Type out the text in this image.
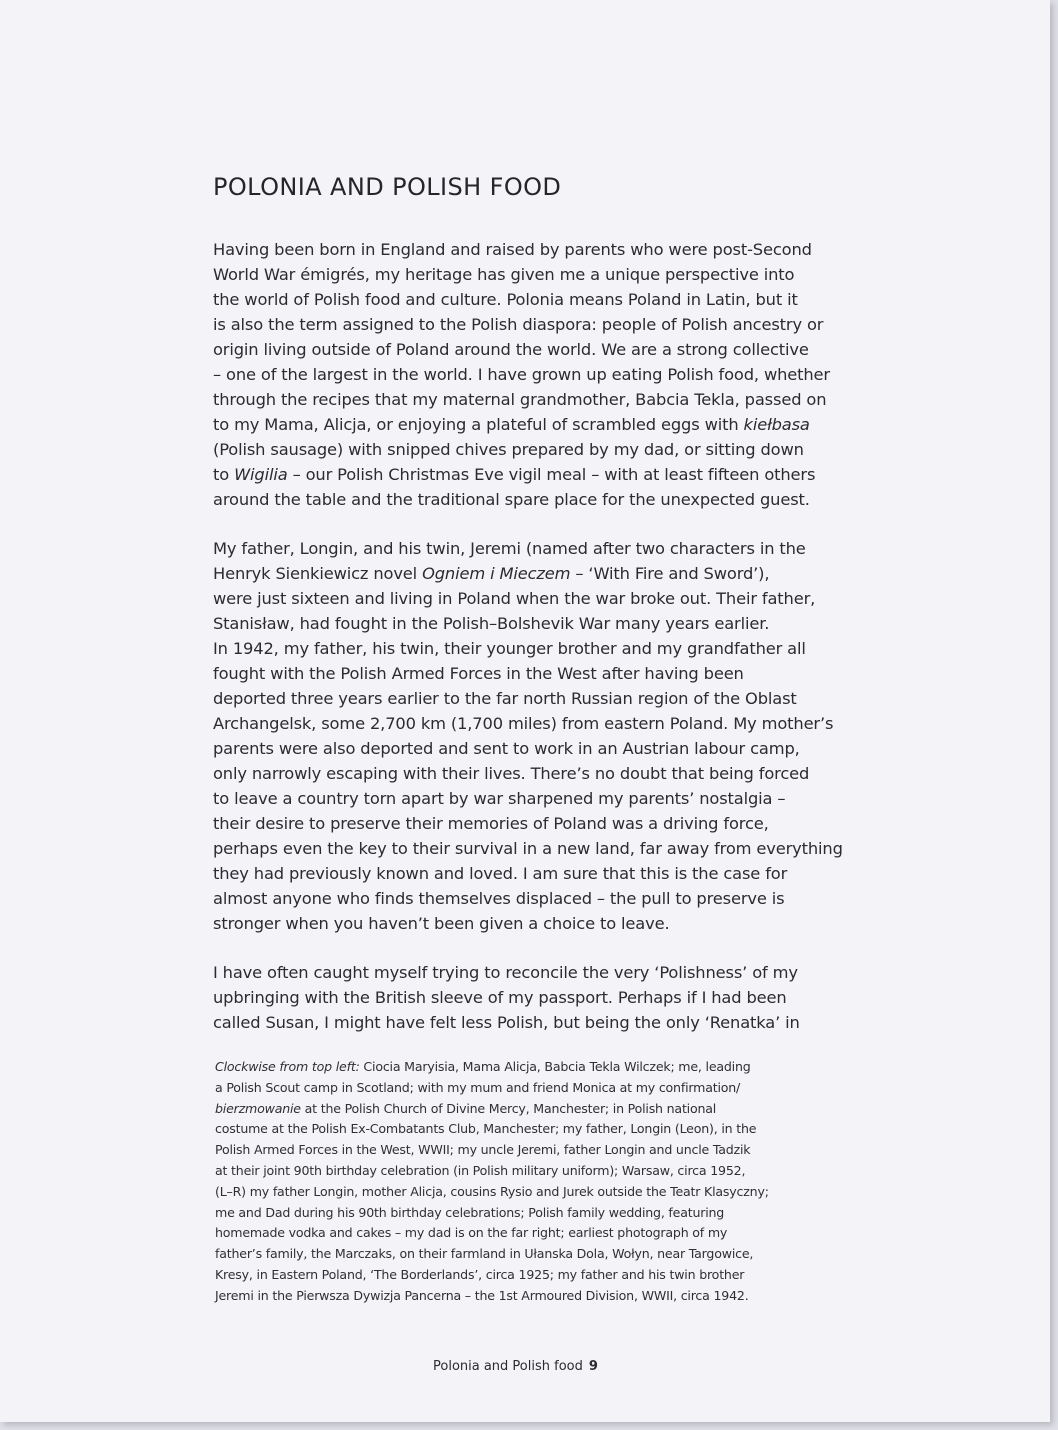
POLONIA AND POLISH FOOD

Having been born in England and raised by parents who were post-Second
World War émigrés, my heritage has given me a unique perspective into
the world of Polish food and culture. Polonia means Poland in Latin, but it
is also the term assigned to the Polish diaspora: people of Polish ancestry or
origin living outside of Poland around the world. We are a strong collective
– one of the largest in the world. I have grown up eating Polish food, whether
through the recipes that my maternal grandmother, Babcia Tekla, passed on
to my Mama, Alicja, or enjoying a plateful of scrambled eggs with kiełbasa
(Polish sausage) with snipped chives prepared by my dad, or sitting down
to Wigilia – our Polish Christmas Eve vigil meal – with at least fifteen others
around the table and the traditional spare place for the unexpected guest.

My father, Longin, and his twin, Jeremi (named after two characters in the
Henryk Sienkiewicz novel Ogniem i Mieczem – ‘With Fire and Sword’),
were just sixteen and living in Poland when the war broke out. Their father,
Stanisław, had fought in the Polish–Bolshevik War many years earlier.
In 1942, my father, his twin, their younger brother and my grandfather all
fought with the Polish Armed Forces in the West after having been
deported three years earlier to the far north Russian region of the Oblast
Archangelsk, some 2,700 km (1,700 miles) from eastern Poland. My mother’s
parents were also deported and sent to work in an Austrian labour camp,
only narrowly escaping with their lives. There’s no doubt that being forced
to leave a country torn apart by war sharpened my parents’ nostalgia –
their desire to preserve their memories of Poland was a driving force,
perhaps even the key to their survival in a new land, far away from everything
they had previously known and loved. I am sure that this is the case for
almost anyone who finds themselves displaced – the pull to preserve is
stronger when you haven’t been given a choice to leave.

I have often caught myself trying to reconcile the very ‘Polishness’ of my
upbringing with the British sleeve of my passport. Perhaps if I had been
called Susan, I might have felt less Polish, but being the only ‘Renatka’ in

Clockwise from top left: Ciocia Maryisia, Mama Alicja, Babcia Tekla Wilczek; me, leading
a Polish Scout camp in Scotland; with my mum and friend Monica at my confirmation/
bierzmowanie at the Polish Church of Divine Mercy, Manchester; in Polish national
costume at the Polish Ex-Combatants Club, Manchester; my father, Longin (Leon), in the
Polish Armed Forces in the West, WWII; my uncle Jeremi, father Longin and uncle Tadzik
at their joint 90th birthday celebration (in Polish military uniform); Warsaw, circa 1952,
(L–R) my father Longin, mother Alicja, cousins Rysio and Jurek outside the Teatr Klasyczny;
me and Dad during his 90th birthday celebrations; Polish family wedding, featuring
homemade vodka and cakes – my dad is on the far right; earliest photograph of my
father’s family, the Marczaks, on their farmland in Ułanska Dola, Wołyn, near Targowice,
Kresy, in Eastern Poland, ‘The Borderlands’, circa 1925; my father and his twin brother
Jeremi in the Pierwsza Dywizja Pancerna – the 1st Armoured Division, WWII, circa 1942.
Polonia and Polish food 9
